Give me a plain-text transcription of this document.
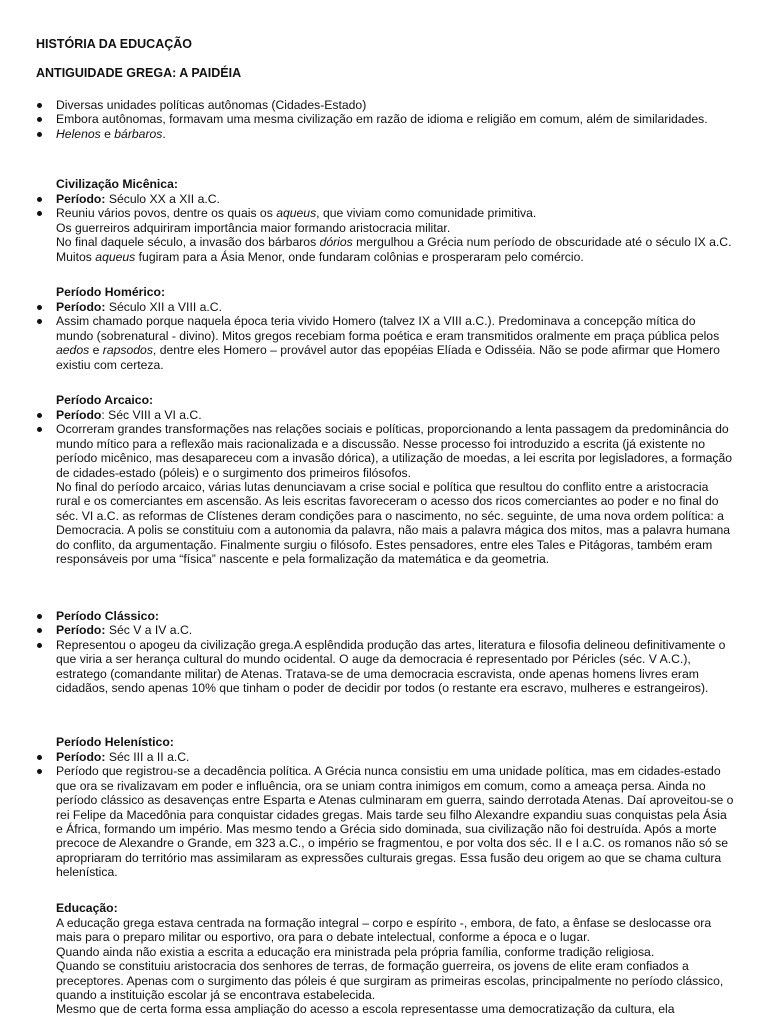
HISTÓRIA DA EDUCAÇÃO
ANTIGUIDADE GREGA: A PAIDÉIA
Diversas unidades políticas autônomas (Cidades-Estado)
Embora autônomas, formavam uma mesma civilização em razão de idioma e religião em comum, além de similaridades.
Helenos e bárbaros.
Civilização Micênica:
Período: Século XX a XII a.C.
Reuniu vários povos, dentre os quais os aqueus, que viviam como comunidade primitiva.
Os guerreiros adquiriram importância maior formando aristocracia militar.
No final daquele século, a invasão dos bárbaros dórios mergulhou a Grécia num período de obscuridade até o século IX a.C. Muitos aqueus fugiram para a Ásia Menor, onde fundaram colônias e prosperaram pelo comércio.
Período Homérico:
Período: Século XII a VIII a.C.
Assim chamado porque naquela época teria vivido Homero (talvez IX a VIII a.C.). Predominava a concepção mítica do mundo (sobrenatural - divino). Mitos gregos recebiam forma poética e eram transmitidos oralmente em praça pública pelos aedos e rapsodos, dentre eles Homero – provável autor das epopéias Elíada e Odisséia. Não se pode afirmar que Homero existiu com certeza.
Período Arcaico:
Período: Séc VIII a VI a.C.
Ocorreram grandes transformações nas relações sociais e políticas, proporcionando a lenta passagem da predominância do mundo mítico para a reflexão mais racionalizada e a discussão. Nesse processo foi introduzido a escrita (já existente no período micênico, mas desapareceu com a invasão dórica), a utilização de moedas, a lei escrita por legisladores, a formação de cidades-estado (póleis) e o surgimento dos primeiros filósofos.
No final do período arcaico, várias lutas denunciavam a crise social e política que resultou do conflito entre a aristocracia rural e os comerciantes em ascensão. As leis escritas favoreceram o acesso dos ricos comerciantes ao poder e no final do séc. VI a.C. as reformas de Clístenes deram condições para o nascimento, no séc. seguinte, de uma nova ordem política: a Democracia. A polis se constituiu com a autonomia da palavra, não mais a palavra mágica dos mitos, mas a palavra humana do conflito, da argumentação. Finalmente surgiu o filósofo. Estes pensadores, entre eles Tales e Pitágoras, também eram responsáveis por uma “física” nascente e pela formalização da matemática e da geometria.
Período Clássico:
Período: Séc V a IV a.C.
Representou o apogeu da civilização grega.A esplêndida produção das artes, literatura e filosofia delineou definitivamente o que viria a ser herança cultural do mundo ocidental. O auge da democracia é representado por Péricles (séc. V A.C.), estratego (comandante militar) de Atenas. Tratava-se de uma democracia escravista, onde apenas homens livres eram cidadãos, sendo apenas 10% que tinham o poder de decidir por todos (o restante era escravo, mulheres e estrangeiros).
Período Helenístico:
Período: Séc III a II a.C.
Período que registrou-se a decadência política. A Grécia nunca consistiu em uma unidade política, mas em cidades-estado que ora se rivalizavam em poder e influência, ora se uniam contra inimigos em comum, como a ameaça persa. Ainda no período clássico as desavenças entre Esparta e Atenas culminaram em guerra, saindo derrotada Atenas. Daí aproveitou-se o rei Felipe da Macedônia para conquistar cidades gregas. Mais tarde seu filho Alexandre expandiu suas conquistas pela Ásia e África, formando um império. Mas mesmo tendo a Grécia sido dominada, sua civilização não foi destruída. Após a morte precoce de Alexandre o Grande, em 323 a.C., o império se fragmentou, e por volta dos séc. II e I a.C. os romanos não só se apropriaram do território mas assimilaram as expressões culturais gregas. Essa fusão deu origem ao que se chama cultura helenística.
Educação:
A educação grega estava centrada na formação integral – corpo e espírito -, embora, de fato, a ênfase se deslocasse ora mais para o preparo militar ou esportivo, ora para o debate intelectual, conforme a época e o lugar.
Quando ainda não existia a escrita a educação era ministrada pela própria família, conforme tradição religiosa.
Quando se constituiu aristocracia dos senhores de terras, de formação guerreira, os jovens de elite eram confiados a preceptores. Apenas com o surgimento das póleis é que surgiram as primeiras escolas, principalmente no período clássico, quando a instituição escolar já se encontrava estabelecida.
Mesmo que de certa forma essa ampliação do acesso a escola representasse uma democratização da cultura, ela
